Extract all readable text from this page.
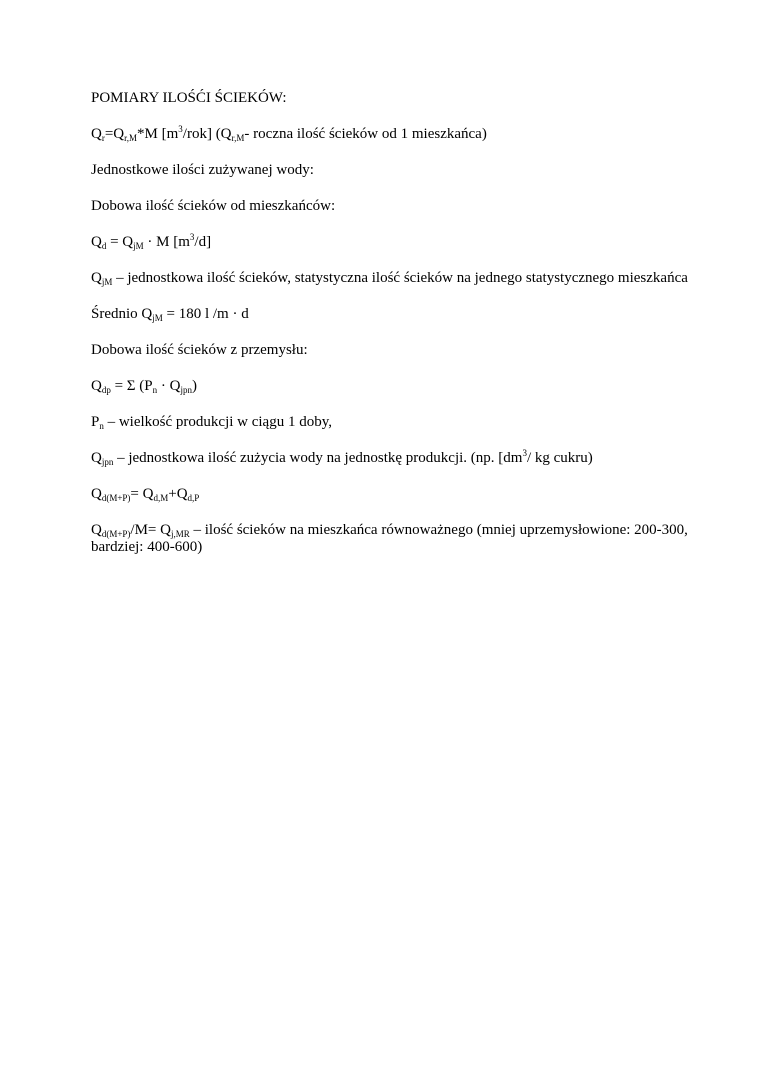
POMIARY ILOŚĆI ŚCIEKÓW:

$Q_r=Q_{r,M}*M$ $[m^3/rok]$ ($Q_{r,M}-$ roczna ilość ścieków od 1 mieszkańca)

Jednostkowe ilości zużywanej wody:

Dobowa ilość ścieków od mieszkańców:

$Q_d = Q_{jM} \cdot M$ $[m^3/d]$

$Q_{jM}$ – jednostkowa ilość ścieków, statystyczna ilość ścieków na jednego statystycznego mieszkańca

Średnio $Q_{jM} = 180$ l /m · d

Dobowa ilość ścieków z przemysłu:

$Q_{dp} = \Sigma$ $(P_n \cdot Q_{jpn})$

$P_n$ – wielkość produkcji w ciągu 1 doby,

$Q_{jpn}$ – jednostkowa ilość zużycia wody na jednostkę produkcji. (np. [$dm^3/$ kg cukru)

$Q_{d(M+P)}= Q_{d,M}+Q_{d,P}$

$Q_{d(M+P)}/M= Q_{j,MR}$ – ilość ścieków na mieszkańca równoważnego (mniej uprzemysłowione: 200-300, bardziej: 400-600)
